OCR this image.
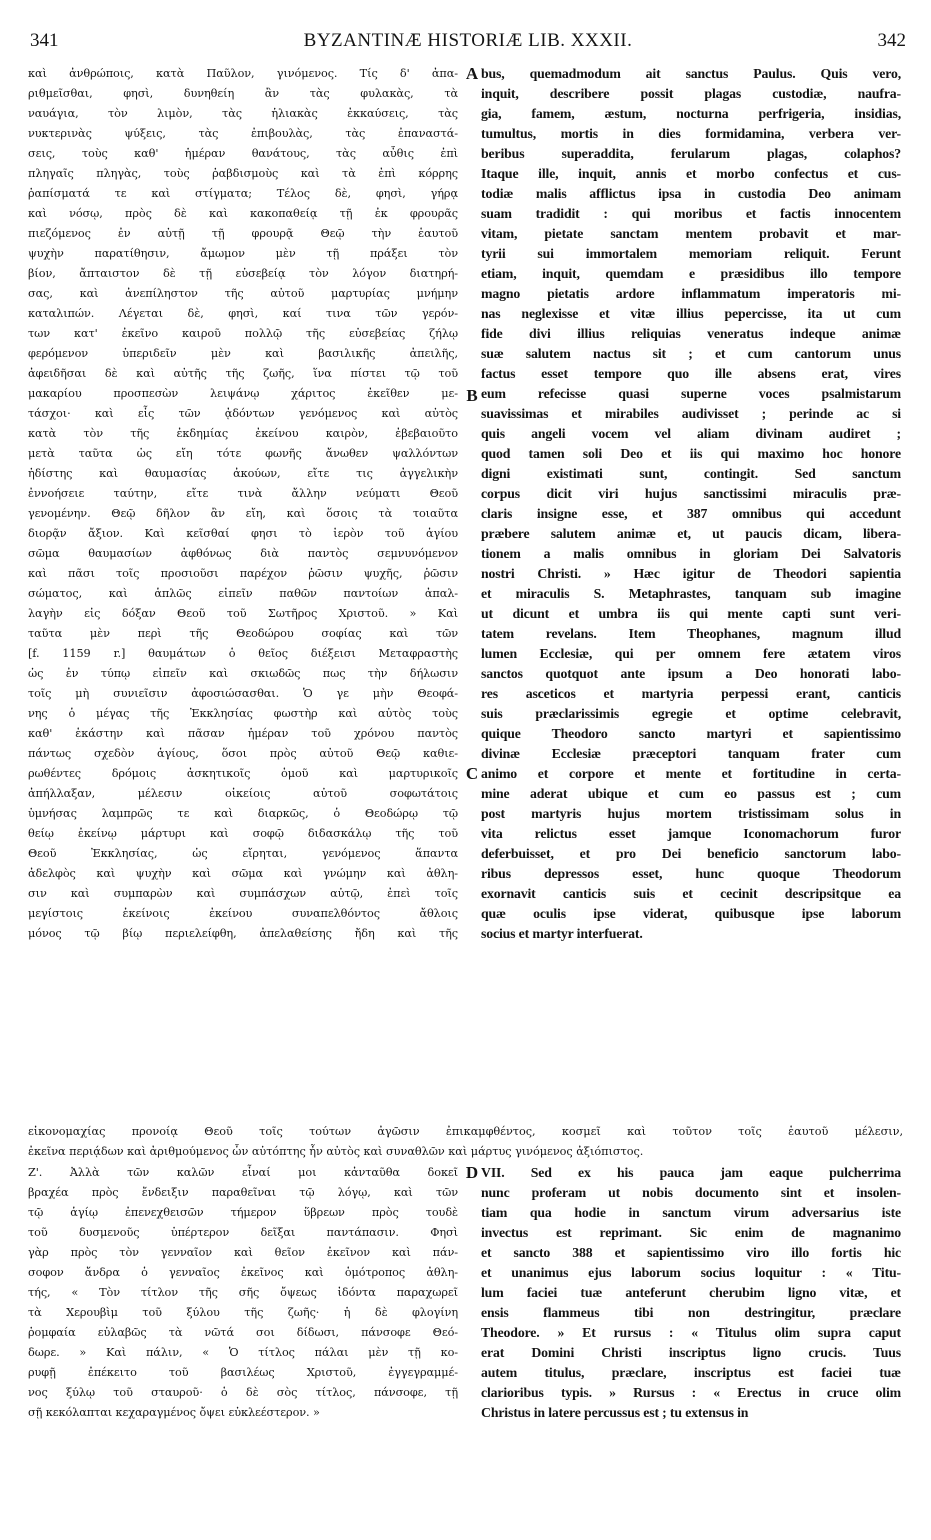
341	BYZANTINÆ HISTORIÆ LIB. XXXII.	342
καὶ ἀνθρώποις, κατὰ Παῦλον, γινόμενος. Τίς δ' ἀπα-
ριθμεῖσθαι, φησὶ, δυνηθείη ἂν τὰς φυλακὰς, τὰ
ναυάγια, τὸν λιμὸν, τὰς ἡλιακὰς ἐκκαύσεις, τὰς
νυκτερινὰς ψύξεις, τὰς ἐπιβουλὰς, τὰς ἐπαναστά-
σεις, τοὺς καθ' ἡμέραν θανάτους, τὰς αὖθις ἐπὶ
πληγαῖς πληγὰς, τοὺς ῥαβδισμοὺς καὶ τὰ ἐπὶ κόρρης
ῥαπίσματά τε καὶ στίγματα; Τέλος δὲ, φησὶ, γήρᾳ
καὶ νόσῳ, πρὸς δὲ καὶ κακοπαθείᾳ τῇ ἐκ φρουρᾶς
πιεζόμενος ἐν αὐτῇ τῇ φρουρᾷ Θεῷ τὴν ἑαυτοῦ
ψυχὴν παρατίθησιν, ἄμωμον μὲν τῇ πράξει τὸν
βίον, ἄπταιστον δὲ τῇ εὐσεβείᾳ τὸν λόγον διατηρή-
σας, καὶ ἀνεπίληστον τῆς αὐτοῦ μαρτυρίας μνήμην
καταλιπών. Λέγεται δὲ, φησὶ, καί τινα τῶν γερόν-
των κατ' ἐκεῖνο καιροῦ πολλῷ τῆς εὐσεβείας ζήλῳ
φερόμενον ὑπεριδεῖν μὲν καὶ βασιλικῆς ἀπειλῆς,
ἀφειδῆσαι δὲ καὶ αὐτῆς τῆς ζωῆς, ἵνα πίστει τῷ τοῦ
μακαρίου προσπεσὼν λειψάνῳ χάριτος ἐκεῖθεν με-
τάσχοι· καὶ εἷς τῶν ᾀδόντων γενόμενος καὶ αὐτὸς
κατὰ τὸν τῆς ἐκδημίας ἐκείνου καιρὸν, ἐβεβαιοῦτο
μετὰ ταῦτα ὡς εἴη τότε φωνῆς ἄνωθεν ψαλλόντων
ἡδίστης καὶ θαυμασίας ἀκούων, εἴτε τις ἀγγελικὴν
ἐννοήσειε ταύτην, εἴτε τινὰ ἄλλην νεύματι Θεοῦ
γενομένην. Θεῷ δῆλον ἂν εἴη, καὶ ὅσοις τὰ τοιαῦτα
διορᾷν ἄξιον. Καὶ κεῖσθαί φησι τὸ ἱερὸν τοῦ ἁγίου
σῶμα θαυμασίων ἀφθόνως διὰ παντὸς σεμνυνόμενον
καὶ πᾶσι τοῖς προσιοῦσι παρέχον ῥῶσιν ψυχῆς, ῥῶσιν
σώματος, καὶ ἁπλῶς εἰπεῖν παθῶν παντοίων ἀπαλ-
λαγὴν εἰς δόξαν Θεοῦ τοῦ Σωτῆρος Χριστοῦ. » Καὶ
ταῦτα μὲν περὶ τῆς Θεοδώρου σοφίας καὶ τῶν
[f. 1159 r.] θαυμάτων ὁ θεῖος διέξεισι Μεταφραστὴς
ὡς ἐν τύπῳ εἰπεῖν καὶ σκιωδῶς πως τὴν δήλωσιν
τοῖς μὴ συνιεῖσιν ἀφοσιώσασθαι. Ὁ γε μὴν Θεοφά-
νης ὁ μέγας τῆς Ἐκκλησίας φωστὴρ καὶ αὐτὸς τοὺς
καθ' ἑκάστην καὶ πᾶσαν ἡμέραν τοῦ χρόνου παντὸς
πάντως σχεδὸν ἁγίους, ὅσοι πρὸς αὐτοῦ Θεῷ καθιε-
ρωθέντες δρόμοις ἀσκητικοῖς ὁμοῦ καὶ μαρτυρικοῖς
ἀπήλλαξαν, μέλεσιν οἰκείοις αὐτοῦ σοφωτάτοις
ὑμνήσας λαμπρῶς τε καὶ διαρκῶς, ὁ Θεοδώρῳ τῷ
θείῳ ἐκείνῳ μάρτυρι καὶ σοφῷ διδασκάλῳ τῆς τοῦ
Θεοῦ Ἐκκλησίας, ὡς εἴρηται, γενόμενος ἅπαντα
ἀδελφὸς καὶ ψυχὴν καὶ σῶμα καὶ γνώμην καὶ ἀθλη-
σιν καὶ συμπαρὼν καὶ συμπάσχων αὐτῷ, ἐπεὶ τοῖς
μεγίστοις ἐκείνοις ἐκείνου συναπελθόντος ἄθλοις
μόνος τῷ βίῳ περιελείφθη, ἀπελαθείσης ἤδη καὶ τῆς
bus, quemadmodum ait sanctus Paulus. Quis vero,
inquit, describere possit plagas custodiæ, naufra-
gia, famem, æstum, nocturna perfrigeria, insidias,
tumultus, mortis in dies formidamina, verbera ver-
beribus superaddita, ferularum plagas, colaphos?
Itaque ille, inquit, annis et morbo confectus et cus-
todiæ malis afflictus ipsa in custodia Deo animam
suam tradidit : qui moribus et factis innocentem
vitam, pietate sanctam mentem probavit et mar-
tyrii sui immortalem memoriam reliquit. Ferunt
etiam, inquit, quemdam e præsidibus illo tempore
magno pietatis ardore inflammatum imperatoris mi-
nas neglexisse et vitæ illius pepercisse, ita ut cum
fide divi illius reliquias veneratus indeque animæ
suæ salutem nactus sit ; et cum cantorum unus
factus esset tempore quo ille absens erat, vires
eum refecisse quasi superne voces psalmistarum
suavissimas et mirabiles audivisset ; perinde ac si
quis angeli vocem vel aliam divinam audiret ;
quod tamen soli Deo et iis qui maximo hoc honore
digni existimati sunt, contingit. Sed sanctum
corpus dicit viri hujus sanctissimi miraculis præ-
claris insigne esse, et 387 omnibus qui accedunt
præbere salutem animæ et, ut paucis dicam, libera-
tionem a malis omnibus in gloriam Dei Salvatoris
nostri Christi. » Hæc igitur de Theodori sapientia
et miraculis S. Metaphrastes, tanquam sub imagine
ut dicunt et umbra iis qui mente capti sunt veri-
tatem revelans. Item Theophanes, magnum illud
lumen Ecclesiæ, qui per omnem fere ætatem viros
sanctos quotquot ante ipsum a Deo honorati labo-
res asceticos et martyria perpessi erant, canticis
suis præclarissimis egregie et optime celebravit,
quique Theodoro sancto martyri et sapientissimo
divinæ Ecclesiæ præceptori tanquam frater cum
animo et corpore et mente et fortitudine in certa-
mine aderat ubique et cum eo passus est ; cum
post martyris hujus mortem tristissimam solus in
vita relictus esset jamque Iconomachorum furor
deferbuisset, et pro Dei beneficio sanctorum labo-
ribus depressos esset, hunc quoque Theodorum
exornavit canticis suis et cecinit descripsitque ea
quæ oculis ipse viderat, quibusque ipse laborum
socius et martyr interfuerat.
εἰκονομαχίας προνοίᾳ Θεοῦ τοῖς τούτων ἀγῶσιν ἐπικαμφθέντος, κοσμεῖ καὶ τοῦτον τοῖς ἑαυτοῦ μέλεσιν,
ἐκεῖνα περιᾴδων καὶ ἀριθμούμενος ὧν αὐτόπτης ἦν αὐτὸς καὶ συναθλῶν καὶ μάρτυς γινόμενος ἀξιόπιστος.
Ζ'. Ἀλλὰ τῶν καλῶν εἶναί μοι κἀνταῦθα δοκεῖ
βραχέα πρὸς ἔνδειξιν παραθεῖναι τῷ λόγῳ, καὶ τῶν
τῷ ἁγίῳ ἐπενεχθεισῶν τήμερον ὕβρεων πρὸς τουδὲ
τοῦ δυσμενοῦς ὑπέρτερον δεῖξαι παντάπασιν. Φησὶ
γὰρ πρὸς τὸν γενναῖον καὶ θεῖον ἐκεῖνον καὶ πάν-
σοφον ἄνδρα ὁ γενναῖος ἐκεῖνος καὶ ὁμότροπος ἀθλη-
τής, « Τὸν τίτλον τῆς σῆς ὄψεως ἰδόντα παραχωρεῖ
τὰ Χερουβὶμ τοῦ ξύλου τῆς ζωῆς· ἡ δὲ φλογίνη
ῥομφαία εὐλαβῶς τὰ νῶτά σοι δίδωσι, πάνσοφε Θεό-
δωρε. » Καὶ πάλιν, « Ὁ τίτλος πάλαι μὲν τῇ κο-
ρυφῇ ἐπέκειτο τοῦ βασιλέως Χριστοῦ, ἐγγεγραμμέ-
νος ξύλῳ τοῦ σταυροῦ· ὁ δὲ σὸς τίτλος, πάνσοφε, τῇ
σῇ κεκόλαπται κεχαραγμένος ὄψει εὐκλεέστερον. »
VII. Sed ex his pauca jam eaque pulcherrima
nunc proferam ut nobis documento sint et insolen-
tiam qua hodie in sanctum virum adversarius iste
invectus est reprimant. Sic enim de magnanimo
et sancto 388 et sapientissimo viro illo fortis hic
et unanimus ejus laborum socius loquitur : « Titu-
lum faciei tuæ anteferunt cherubim ligno vitæ, et
ensis flammeus tibi non destringitur, præclare
Theodore. » Et rursus : « Titulus olim supra caput
erat Domini Christi inscriptus ligno crucis. Tuus
autem titulus, præclare, inscriptus est faciei tuæ
clarioribus typis. » Rursus : « Erectus in cruce olim
Christus in latere percussus est ; tu extensus in
A
B
C
D
